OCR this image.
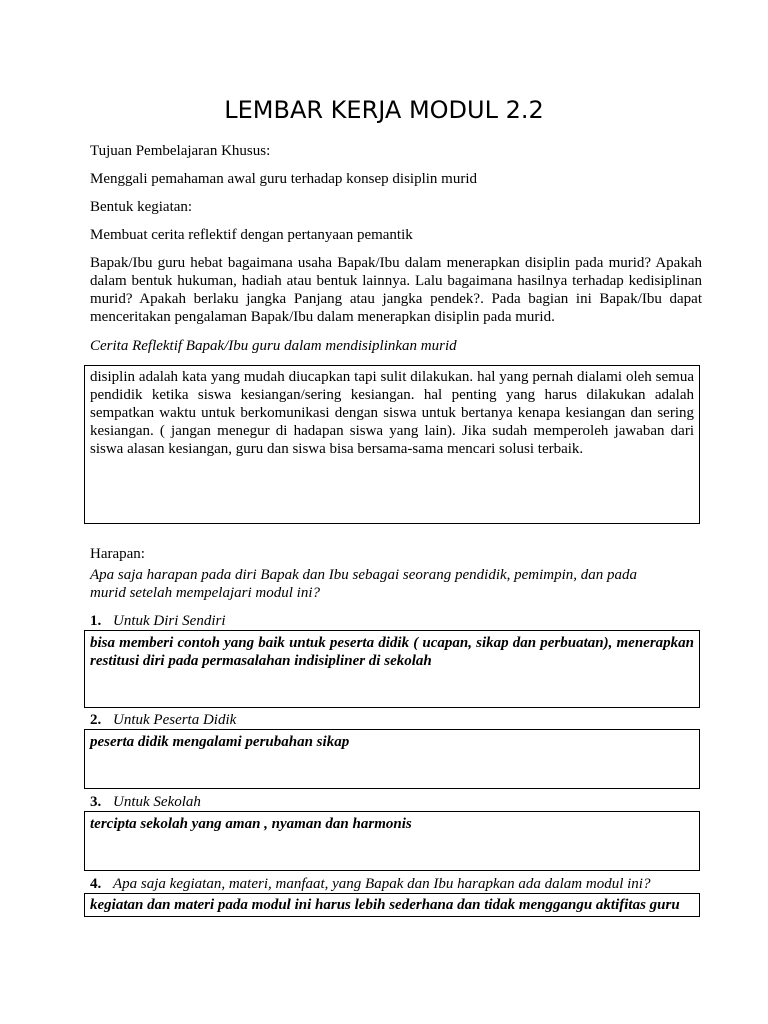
LEMBAR KERJA MODUL 2.2
Tujuan Pembelajaran Khusus:
Menggali pemahaman awal guru terhadap konsep disiplin murid
Bentuk kegiatan:
Membuat cerita reflektif dengan pertanyaan pemantik
Bapak/Ibu guru hebat bagaimana usaha Bapak/Ibu dalam menerapkan disiplin pada murid? Apakah dalam bentuk hukuman, hadiah atau bentuk lainnya. Lalu bagaimana hasilnya terhadap kedisiplinan murid? Apakah berlaku jangka Panjang atau jangka pendek?. Pada bagian ini Bapak/Ibu dapat menceritakan pengalaman Bapak/Ibu dalam menerapkan disiplin pada murid.
Cerita Reflektif Bapak/Ibu guru dalam mendisiplinkan murid
disiplin adalah kata yang mudah diucapkan tapi sulit dilakukan. hal yang pernah dialami oleh semua pendidik ketika siswa kesiangan/sering kesiangan. hal penting yang harus dilakukan adalah sempatkan waktu untuk berkomunikasi dengan siswa untuk bertanya kenapa kesiangan dan sering kesiangan. ( jangan menegur di hadapan siswa yang lain). Jika sudah memperoleh jawaban dari siswa alasan kesiangan, guru dan siswa bisa bersama-sama mencari solusi terbaik.
Harapan:
Apa saja harapan pada diri Bapak dan Ibu sebagai seorang pendidik, pemimpin, dan pada
murid setelah mempelajari modul ini?
1. Untuk Diri Sendiri
bisa memberi contoh yang baik untuk peserta didik ( ucapan, sikap dan perbuatan), menerapkan restitusi diri pada permasalahan indisipliner di sekolah
2. Untuk Peserta Didik
peserta didik mengalami perubahan sikap
3. Untuk Sekolah
tercipta sekolah yang aman , nyaman dan harmonis
4. Apa saja kegiatan, materi, manfaat, yang Bapak dan Ibu harapkan ada dalam modul ini?
kegiatan dan materi pada modul ini harus lebih sederhana dan tidak menggangu aktifitas guru
